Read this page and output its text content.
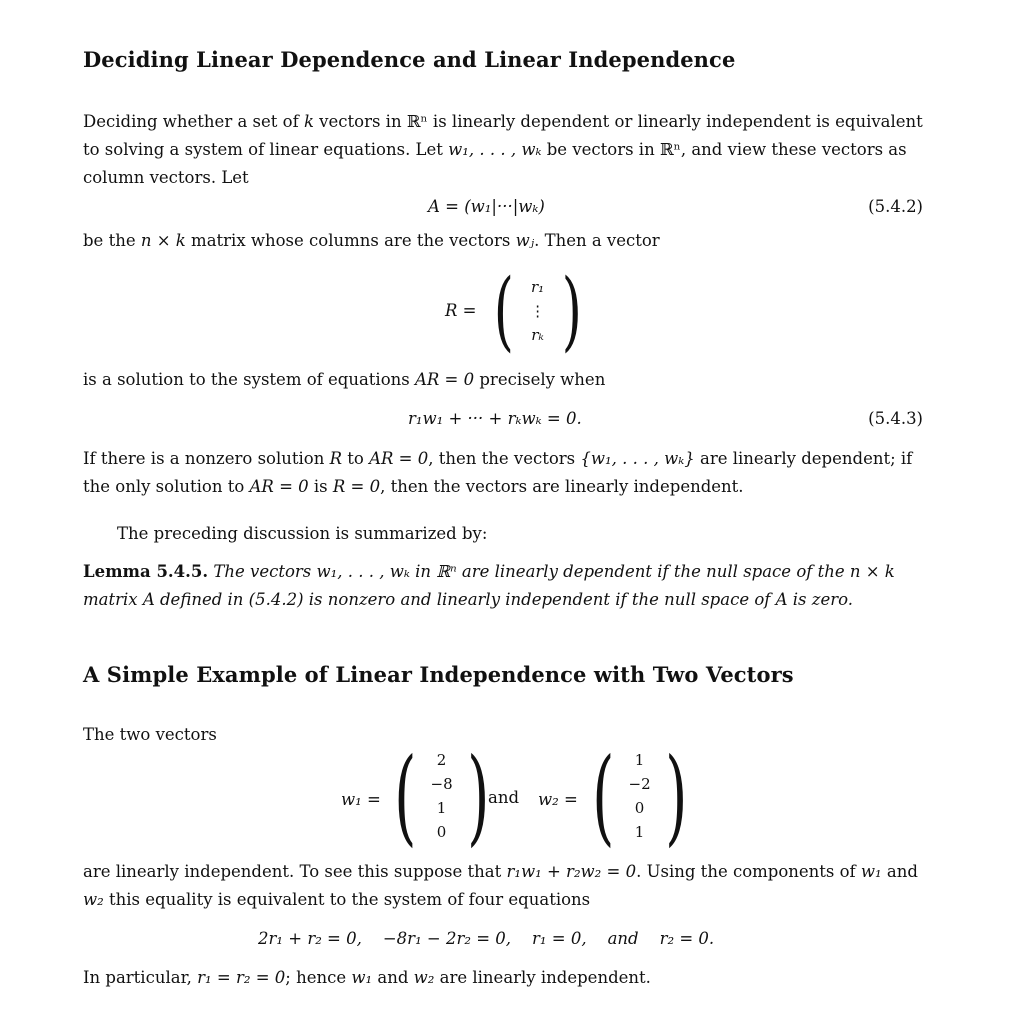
Deciding Linear Dependence and Linear Independence
Deciding whether a set of k vectors in ℝⁿ is linearly dependent or linearly independent is equivalent to solving a system of linear equations. Let w₁, . . . , wₖ be vectors in ℝⁿ, and view these vectors as column vectors. Let
A = (w₁|···|wₖ)	(5.4.2)
be the n × k matrix whose columns are the vectors wⱼ. Then a vector
R = ( r₁
⋮
rₖ )
is a solution to the system of equations AR = 0 precisely when
r₁w₁ + ··· + rₖwₖ = 0.	(5.4.3)
If there is a nonzero solution R to AR = 0, then the vectors {w₁, . . . , wₖ} are linearly dependent; if the only solution to AR = 0 is R = 0, then the vectors are linearly independent.
The preceding discussion is summarized by:
Lemma 5.4.5. The vectors w₁, . . . , wₖ in ℝⁿ are linearly dependent if the null space of the n × k matrix A defined in (5.4.2) is nonzero and linearly independent if the null space of A is zero.
A Simple Example of Linear Independence with Two Vectors
The two vectors
w₁ = ( 2
−8
1
0 )
and w₂ = ( 1
−2
0
1 )
are linearly independent. To see this suppose that r₁w₁ + r₂w₂ = 0. Using the components of w₁ and w₂ this equality is equivalent to the system of four equations
2r₁ + r₂ = 0,    −8r₁ − 2r₂ = 0,    r₁ = 0,    and    r₂ = 0.
In particular, r₁ = r₂ = 0; hence w₁ and w₂ are linearly independent.
